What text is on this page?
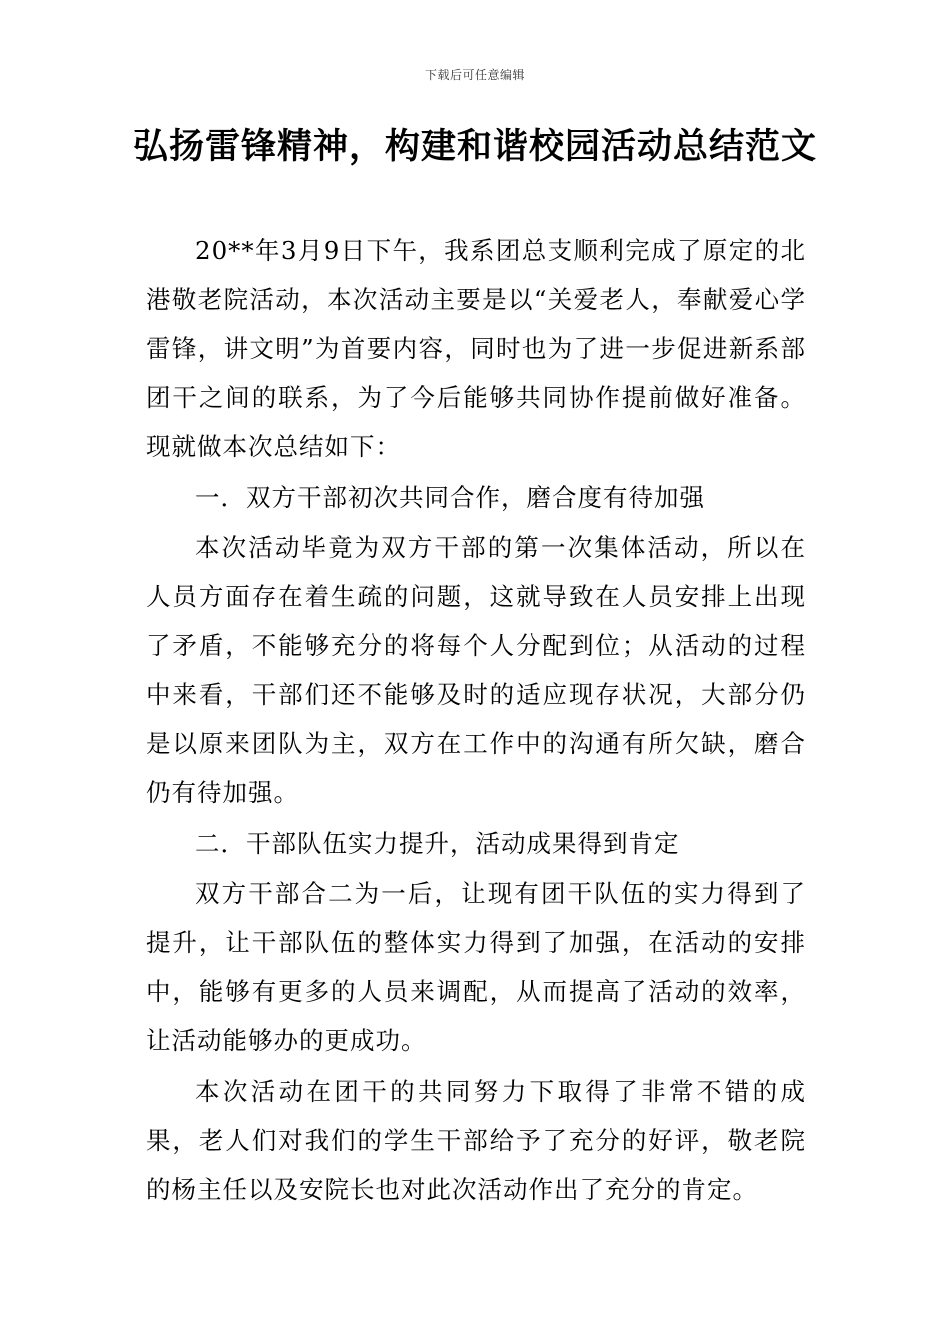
下载后可任意编辑
弘扬雷锋精神，构建和谐校园活动总结范文

20**年3月9日下午，我系团总支顺利完成了原定的北港敬老院活动，本次活动主要是以“关爱老人，奉献爱心学雷锋，讲文明”为首要内容，同时也为了进一步促进新系部团干之间的联系，为了今后能够共同协作提前做好准备。现就做本次总结如下：

一．双方干部初次共同合作，磨合度有待加强

本次活动毕竟为双方干部的第一次集体活动，所以在人员方面存在着生疏的问题，这就导致在人员安排上出现了矛盾，不能够充分的将每个人分配到位；从活动的过程中来看，干部们还不能够及时的适应现存状况，大部分仍是以原来团队为主，双方在工作中的沟通有所欠缺，磨合仍有待加强。

二．干部队伍实力提升，活动成果得到肯定

双方干部合二为一后，让现有团干队伍的实力得到了提升，让干部队伍的整体实力得到了加强，在活动的安排中，能够有更多的人员来调配，从而提高了活动的效率，让活动能够办的更成功。

本次活动在团干的共同努力下取得了非常不错的成果，老人们对我们的学生干部给予了充分的好评，敬老院的杨主任以及安院长也对此次活动作出了充分的肯定。
